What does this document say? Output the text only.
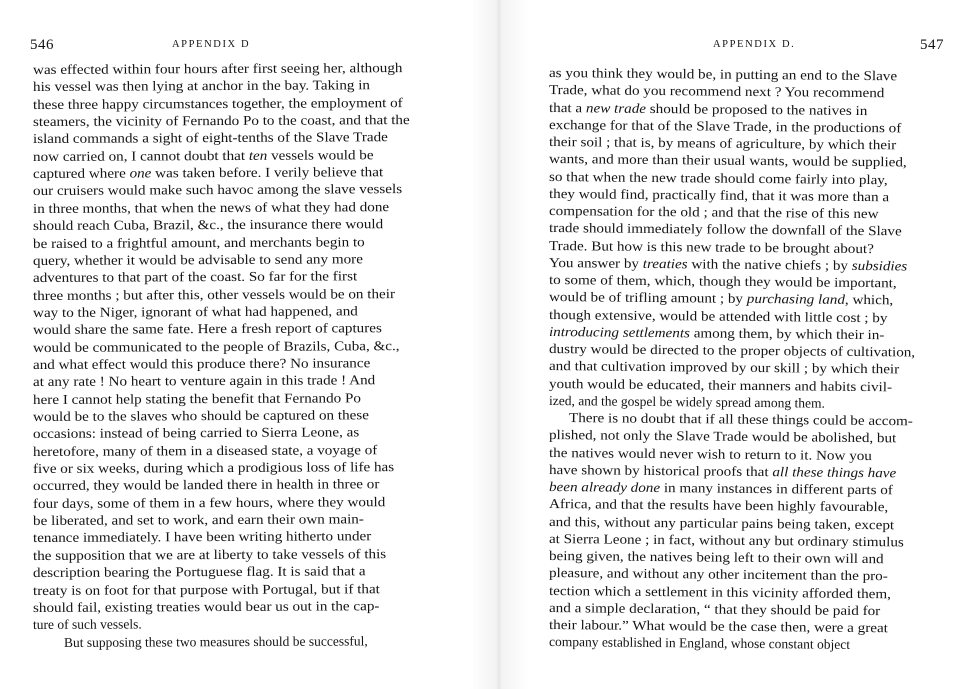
546	APPENDIX D
was effected within four hours after first seeing her, although
his vessel was then lying at anchor in the bay. Taking in
these three happy circumstances together, the employment of
steamers, the vicinity of Fernando Po to the coast, and that the
island commands a sight of eight-tenths of the Slave Trade
now carried on, I cannot doubt that ten vessels would be
captured where one was taken before. I verily believe that
our cruisers would make such havoc among the slave vessels
in three months, that when the news of what they had done
should reach Cuba, Brazil, &c., the insurance there would
be raised to a frightful amount, and merchants begin to
query, whether it would be advisable to send any more
adventures to that part of the coast. So far for the first
three months ; but after this, other vessels would be on their
way to the Niger, ignorant of what had happened, and
would share the same fate. Here a fresh report of captures
would be communicated to the people of Brazils, Cuba, &c.,
and what effect would this produce there? No insurance
at any rate ! No heart to venture again in this trade ! And
here I cannot help stating the benefit that Fernando Po
would be to the slaves who should be captured on these
occasions: instead of being carried to Sierra Leone, as
heretofore, many of them in a diseased state, a voyage of
five or six weeks, during which a prodigious loss of life has
occurred, they would be landed there in health in three or
four days, some of them in a few hours, where they would
be liberated, and set to work, and earn their own main-
tenance immediately. I have been writing hitherto under
the supposition that we are at liberty to take vessels of this
description bearing the Portuguese flag. It is said that a
treaty is on foot for that purpose with Portugal, but if that
should fail, existing treaties would bear us out in the cap-
ture of such vessels.
But supposing these two measures should be successful,
APPENDIX D.	547
as you think they would be, in putting an end to the Slave
Trade, what do you recommend next ? You recommend
that a new trade should be proposed to the natives in
exchange for that of the Slave Trade, in the productions of
their soil ; that is, by means of agriculture, by which their
wants, and more than their usual wants, would be supplied,
so that when the new trade should come fairly into play,
they would find, practically find, that it was more than a
compensation for the old ; and that the rise of this new
trade should immediately follow the downfall of the Slave
Trade. But how is this new trade to be brought about?
You answer by treaties with the native chiefs ; by subsidies
to some of them, which, though they would be important,
would be of trifling amount ; by purchasing land, which,
though extensive, would be attended with little cost ; by
introducing settlements among them, by which their in-
dustry would be directed to the proper objects of cultivation,
and that cultivation improved by our skill ; by which their
youth would be educated, their manners and habits civil-
ized, and the gospel be widely spread among them.
There is no doubt that if all these things could be accom-
plished, not only the Slave Trade would be abolished, but
the natives would never wish to return to it. Now you
have shown by historical proofs that all these things have
been already done in many instances in different parts of
Africa, and that the results have been highly favourable,
and this, without any particular pains being taken, except
at Sierra Leone ; in fact, without any but ordinary stimulus
being given, the natives being left to their own will and
pleasure, and without any other incitement than the pro-
tection which a settlement in this vicinity afforded them,
and a simple declaration, “ that they should be paid for
their labour.” What would be the case then, were a great
company established in England, whose constant object
